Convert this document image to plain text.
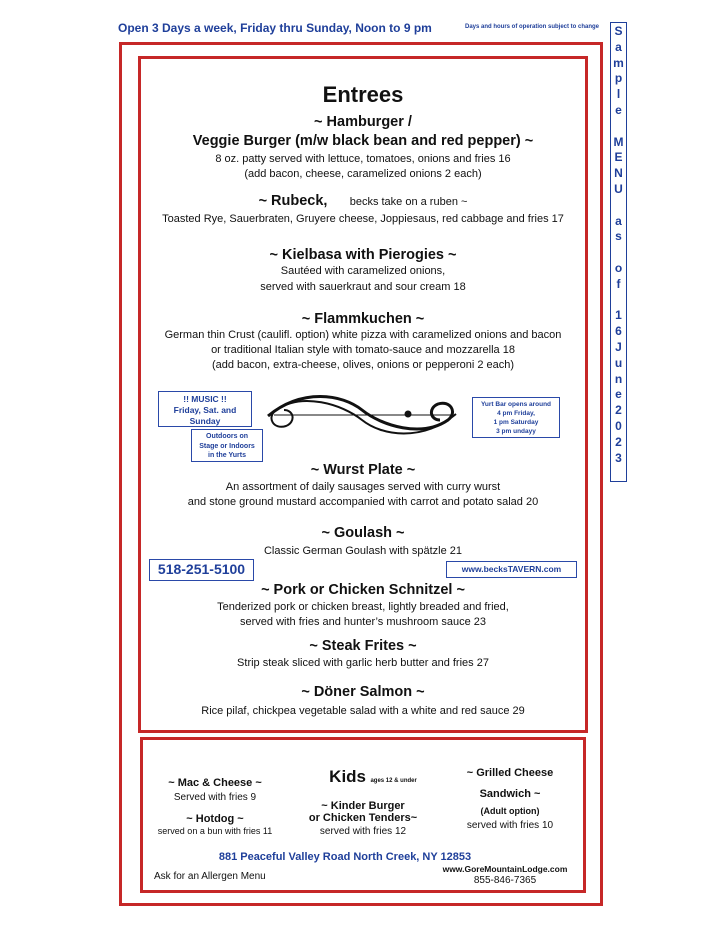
Open 3 Days a week, Friday thru Sunday, Noon to 9 pm	Days and hours of operation subject to change S
a
m
p
l
e
M
E
N
U
a
s
o
f
1
6
J
u
n
e
2
0
2
3
Entrees
~ Hamburger /
Veggie Burger (m/w black bean and red pepper) ~
8 oz. patty served with lettuce, tomatoes, onions and fries 16
(add bacon, cheese, caramelized onions 2 each)
~ Rubeck, becks take on a ruben ~
Toasted Rye, Sauerbraten, Gruyere cheese, Joppiesaus, red cabbage and fries 17
~ Kielbasa with Pierogies ~
Sautéed with caramelized onions,
served with sauerkraut and sour cream 18
~ Flammkuchen ~
German thin Crust (caulifl. option) white pizza with caramelized onions and bacon
or traditional Italian style with tomato-sauce and mozzarella 18
(add bacon, extra-cheese, olives, onions or pepperoni 2 each)
!! MUSIC !!
Friday, Sat. and
Sunday
Outdoors on
Stage or Indoors
in the Yurts
Yurt Bar opens around
4 pm Friday,
1 pm Saturday
3 pm undayy
~ Wurst Plate ~
An assortment of daily sausages served with curry wurst
and stone ground mustard accompanied with carrot and potato salad 20
~ Goulash ~
Classic German Goulash with spätzle 21
518-251-5100	www.becksTAVERN.com
~ Pork or Chicken Schnitzel ~
Tenderized pork or chicken breast, lightly breaded and fried,
served with fries and hunter’s mushroom sauce 23
~ Steak Frites ~
Strip steak sliced with garlic herb butter and fries 27
~ Döner Salmon ~
Rice pilaf, chickpea vegetable salad with a white and red sauce 29
Kids ages 12 & under
~ Mac & Cheese ~
Served with fries 9
~ Hotdog ~
served on a bun with fries 11
~ Kinder Burger
or Chicken Tenders~
served with fries 12
~ Grilled Cheese
Sandwich ~
(Adult option)
served with fries 10
881 Peaceful Valley Road North Creek, NY 12853
Ask for an Allergen Menu
www.GoreMountainLodge.com
855-846-7365
